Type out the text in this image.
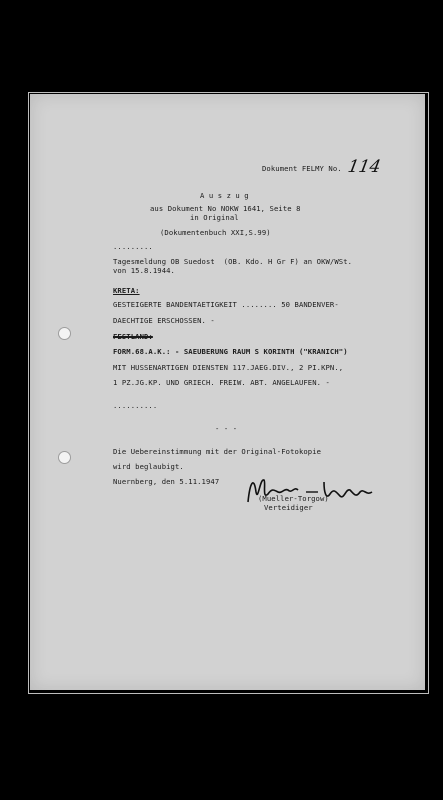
Dokument FELMY No. 114
A u s z u g
aus Dokument No NOKW 1641, Seite 8
in Original
(Dokumentenbuch XXI,S.99)
.........
Tagesmeldung OB Suedost  (OB. Kdo. H Gr F) an OKW/WSt.
von 15.8.1944.
KRETA:
GESTEIGERTE BANDENTAETIGKEIT ........ 50 BANDENVER-
DAECHTIGE ERSCHOSSEN. -
FESTLAND:
FORM.68.A.K.: - SAEUBERUNG RAUM S KORINTH ("KRANICH")
MIT HUSSENARTIGEN DIENSTEN 117.JAEG.DIV., 2 PI.KPN.,
1 PZ.JG.KP. UND GRIECH. FREIW. ABT. ANGELAUFEN. -
..........
- - -
Die Uebereinstimmung mit der Original-Fotokopie
wird beglaubigt.
Nuernberg, den 5.11.1947
(Mueller-Torgow)
Verteidiger
